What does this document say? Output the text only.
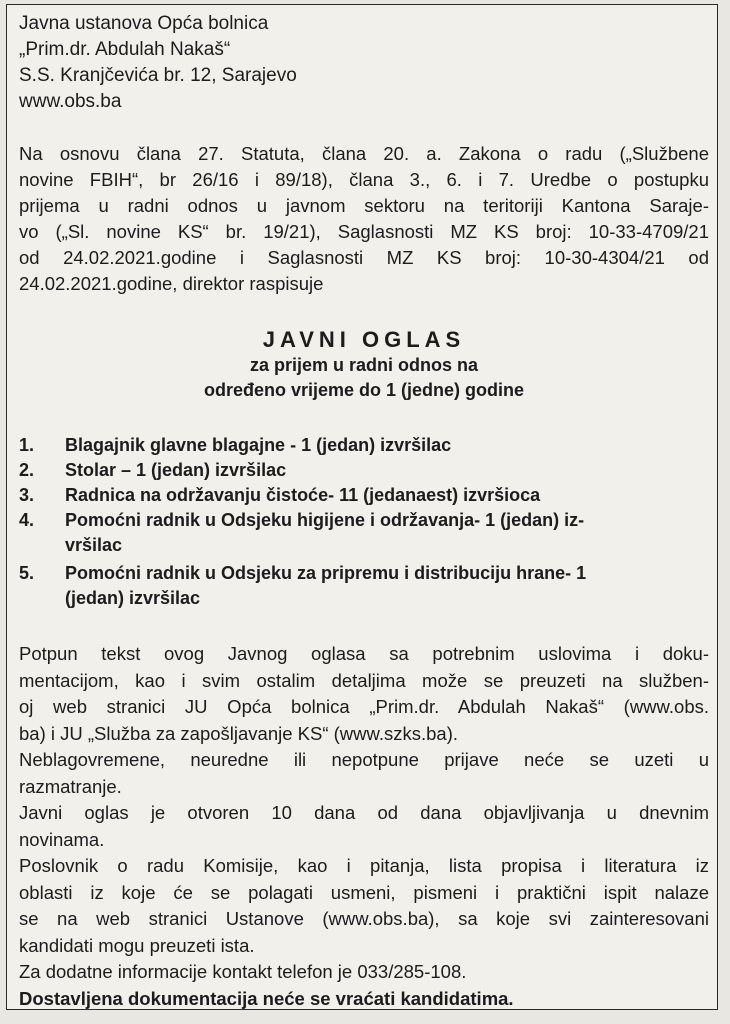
Javna ustanova Opća bolnica

„Prim.dr. Abdulah Nakaš“

S.S. Kranjčevića br. 12, Sarajevo

www.obs.ba

Na osnovu člana 27. Statuta, člana 20. a. Zakona o radu („Službene
novine FBIH“, br 26/16 i 89/18), člana 3., 6. i 7. Uredbe o postupku
prijema u radni odnos u javnom sektoru na teritoriji Kantona Saraje-
vo („Sl. novine KS“ br. 19/21), Saglasnosti MZ KS broj: 10-33-4709/21
od 24.02.2021.godine i Saglasnosti MZ KS broj: 10-30-4304/21 od
24.02.2021.godine, direktor raspisuje
JAVNI OGLAS
za prijem u radni odnos na
određeno vrijeme do 1 (jedne) godine
1.	Blagajnik glavne blagajne - 1 (jedan) izvršilac
2.	Stolar – 1 (jedan) izvršilac
3.	Radnica na održavanju čistoće- 11 (jedanaest) izvršioca
4.	Pomoćni radnik u Odsjeku higijene i održavanja- 1 (jedan) iz-
vršilac
5.	Pomoćni radnik u Odsjeku za pripremu i distribuciju hrane- 1
(jedan) izvršilac
Potpun tekst ovog Javnog oglasa sa potrebnim uslovima i doku-
mentacijom, kao i svim ostalim detaljima može se preuzeti na služben-
oj web stranici JU Opća bolnica „Prim.dr. Abdulah Nakaš“ (www.obs.
ba) i JU „Služba za zapošljavanje KS“ (www.szks.ba).
Neblagovremene, neuredne ili nepotpune prijave neće se uzeti u
razmatranje.
Javni oglas je otvoren 10 dana od dana objavljivanja u dnevnim
novinama.
Poslovnik o radu Komisije, kao i pitanja, lista propisa i literatura iz
oblasti iz koje će se polagati usmeni, pismeni i praktični ispit nalaze
se na web stranici Ustanove (www.obs.ba), sa koje svi zainteresovani
kandidati mogu preuzeti ista.
Za dodatne informacije kontakt telefon je 033/285-108.
Dostavljena dokumentacija neće se vraćati kandidatima.
